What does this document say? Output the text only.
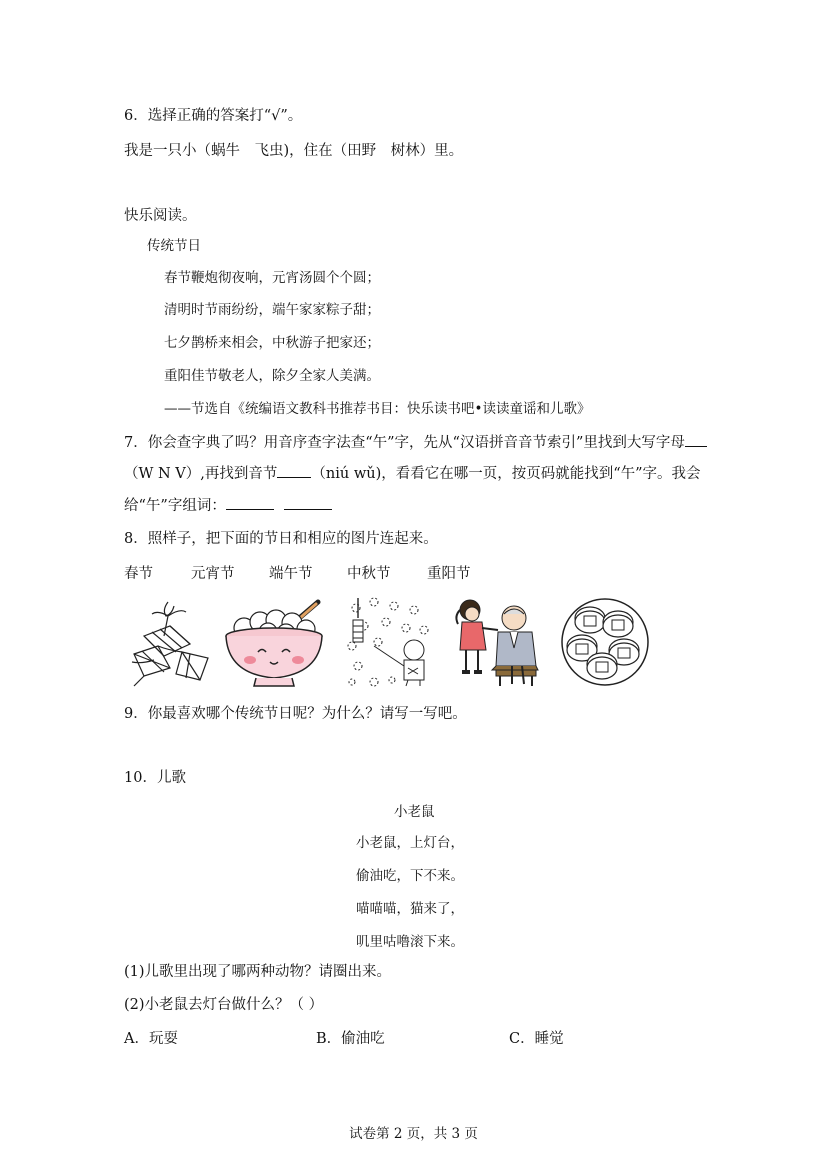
6．选择正确的答案打“√”。
我是一只小（蜗牛　飞虫)，住在（田野　树林）里。
快乐阅读。
传统节日
春节鞭炮彻夜响，元宵汤圆个个圆；
清明时节雨纷纷，端午家家粽子甜；
七夕鹊桥来相会，中秋游子把家还；
重阳佳节敬老人，除夕全家人美满。
——节选自《统编语文教科书推荐书目：快乐读书吧•读读童谣和儿歌》
7．你会查字典了吗？用音序查字法查“午”字，先从“汉语拼音音节索引”里找到大写字母
（W N V）,再找到音节 （niú wǔ)，看看它在哪一页，按页码就能找到“午”字。我会
给“午”字组词：
8．照样子，把下面的节日和相应的图片连起来。
春节	元宵节 端午节 中秋节	重阳节
9．你最喜欢哪个传统节日呢？为什么？请写一写吧。
10．儿歌
小老鼠
小老鼠，上灯台，
偷油吃，下不来。
喵喵喵，猫来了，
叽里咕噜滚下来。
(1)儿歌里出现了哪两种动物？请圈出来。
(2)小老鼠去灯台做什么？（ ）
A．玩耍	B．偷油吃	C．睡觉
试卷第 2 页，共 3 页
